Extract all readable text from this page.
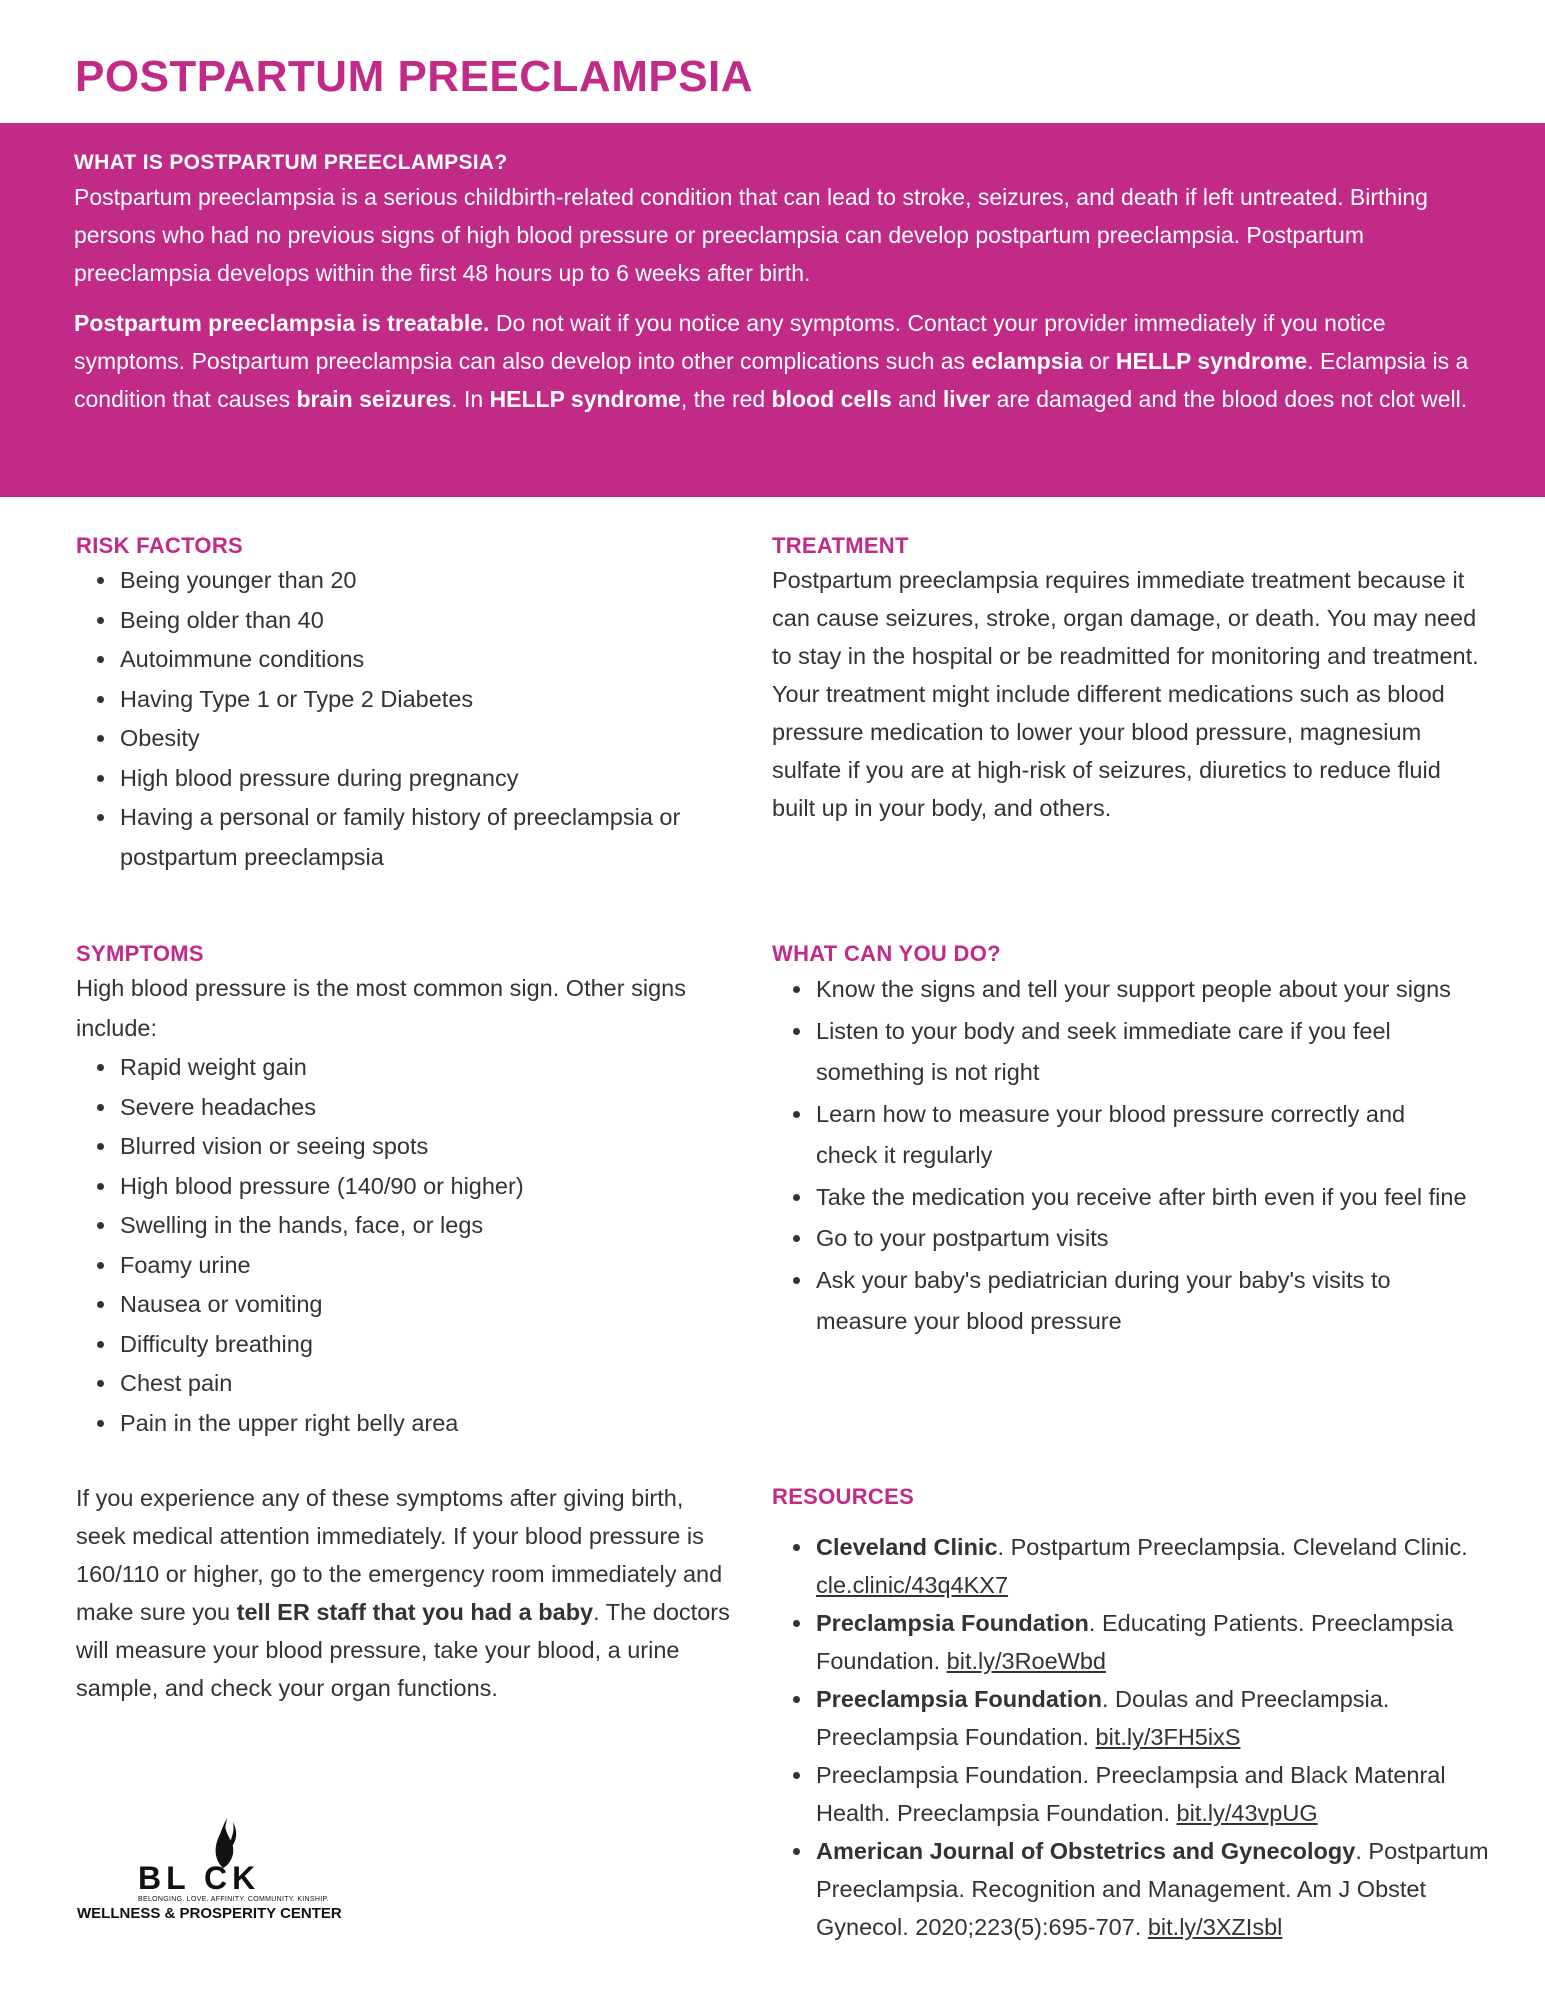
POSTPARTUM PREECLAMPSIA
WHAT IS POSTPARTUM PREECLAMPSIA?

Postpartum preeclampsia is a serious childbirth-related condition that can lead to stroke, seizures, and death if left untreated. Birthing persons who had no previous signs of high blood pressure or preeclampsia can develop postpartum preeclampsia. Postpartum preeclampsia develops within the first 48 hours up to 6 weeks after birth.

Postpartum preeclampsia is treatable. Do not wait if you notice any symptoms. Contact your provider immediately if you notice symptoms. Postpartum preeclampsia can also develop into other complications such as eclampsia or HELLP syndrome. Eclampsia is a condition that causes brain seizures. In HELLP syndrome, the red blood cells and liver are damaged and the blood does not clot well.

RISK FACTORS
• Being younger than 20
• Being older than 40
• Autoimmune conditions
• Having Type 1 or Type 2 Diabetes
• Obesity
• High blood pressure during pregnancy
• Having a personal or family history of preeclampsia or postpartum preeclampsia
TREATMENT

Postpartum preeclampsia requires immediate treatment because it can cause seizures, stroke, organ damage, or death. You may need to stay in the hospital or be readmitted for monitoring and treatment. Your treatment might include different medications such as blood pressure medication to lower your blood pressure, magnesium sulfate if you are at high-risk of seizures, diuretics to reduce fluid built up in your body, and others.

SYMPTOMS

High blood pressure is the most common sign. Other signs include:

• Rapid weight gain
• Severe headaches
• Blurred vision or seeing spots
• High blood pressure (140/90 or higher)
• Swelling in the hands, face, or legs
• Foamy urine
• Nausea or vomiting
• Difficulty breathing
• Chest pain
• Pain in the upper right belly area

If you experience any of these symptoms after giving birth, seek medical attention immediately. If your blood pressure is 160/110 or higher, go to the emergency room immediately and make sure you tell ER staff that you had a baby. The doctors will measure your blood pressure, take your blood, a urine sample, and check your organ functions.

WHAT CAN YOU DO?
• Know the signs and tell your support people about your signs
• Listen to your body and seek immediate care if you feel something is not right
• Learn how to measure your blood pressure correctly and check it regularly
• Take the medication you receive after birth even if you feel fine
• Go to your postpartum visits
• Ask your baby's pediatrician during your baby's visits to measure your blood pressure
RESOURCES
• Cleveland Clinic. Postpartum Preeclampsia. Cleveland Clinic. cle.clinic/43q4KX7
• Preclampsia Foundation. Educating Patients. Preeclampsia Foundation. bit.ly/3RoeWbd
• Preeclampsia Foundation. Doulas and Preeclampsia. Preeclampsia Foundation. bit.ly/3FH5ixS
• Preeclampsia Foundation. Preeclampsia and Black Matenral Health. Preeclampsia Foundation. bit.ly/43vpUG
• American Journal of Obstetrics and Gynecology. Postpartum Preeclampsia. Recognition and Management. Am J Obstet Gynecol. 2020;223(5):695-707. bit.ly/3XZIsbl
BL CK
BELONGING. LOVE. AFFINITY. COMMUNITY. KINSHIP.
WELLNESS & PROSPERITY CENTER
